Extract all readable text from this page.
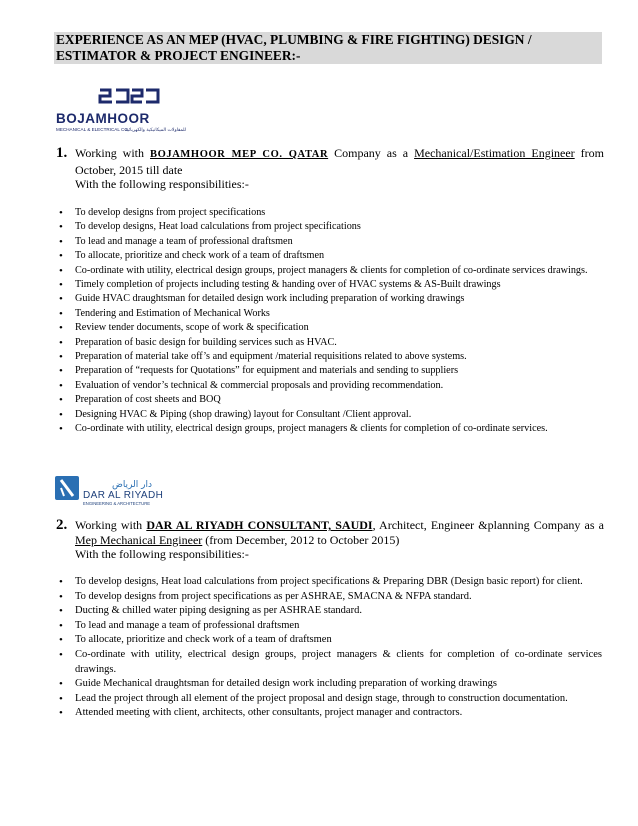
EXPERIENCE AS AN MEP (HVAC, PLUMBING & FIRE FIGHTING) DESIGN / ESTIMATOR & PROJECT ENGINEER:-
BOJAMHOOR
MECHANICAL & ELECTRICAL CO.
للمقاولات الميكانيكية والكهربائية
1. Working with BOJAMHOOR MEP CO. QATAR Company as a Mechanical/Estimation Engineer from October, 2015 till date
With the following responsibilities:-
• To develop designs from project specifications
• To develop designs, Heat load calculations from project specifications
• To lead and manage a team of professional draftsmen
• To allocate, prioritize and check work of a team of draftsmen
• Co-ordinate with utility, electrical design groups, project managers & clients for completion of co-ordinate services drawings.
• Timely completion of projects including testing & handing over of HVAC systems & AS-Built drawings
• Guide HVAC draughtsman for detailed design work including preparation of working drawings
• Tendering and Estimation of Mechanical Works
• Review tender documents, scope of work & specification
• Preparation of basic design for building services such as HVAC.
• Preparation of material take off’s and equipment /material requisitions related to above systems.
• Preparation of “requests for Quotations” for equipment and materials and sending to suppliers
• Evaluation of vendor’s technical & commercial proposals and providing recommendation.
• Preparation of cost sheets and BOQ
• Designing HVAC & Piping (shop drawing) layout for Consultant /Client approval.
• Co-ordinate with utility, electrical design groups, project managers & clients for completion of co-ordinate services.
دار الرياض
DAR AL RIYADH
ENGINEERING & ARCHITECTURE
2. Working with DAR AL RIYADH CONSULTANT, SAUDI, Architect, Engineer &planning Company as a Mep Mechanical Engineer (from December, 2012 to October 2015)
With the following responsibilities:-
• To develop designs, Heat load calculations from project specifications & Preparing DBR (Design basic report) for client.
• To develop designs from project specifications as per ASHRAE, SMACNA & NFPA standard.
• Ducting & chilled water piping designing as per ASHRAE standard.
• To lead and manage a team of professional draftsmen
• To allocate, prioritize and check work of a team of draftsmen
• Co-ordinate with utility, electrical design groups, project managers & clients for completion of co-ordinate services drawings.
• Guide Mechanical draughtsman for detailed design work including preparation of working drawings
• Lead the project through all element of the project proposal and design stage, through to construction documentation.
• Attended meeting with client, architects, other consultants, project manager and contractors.
